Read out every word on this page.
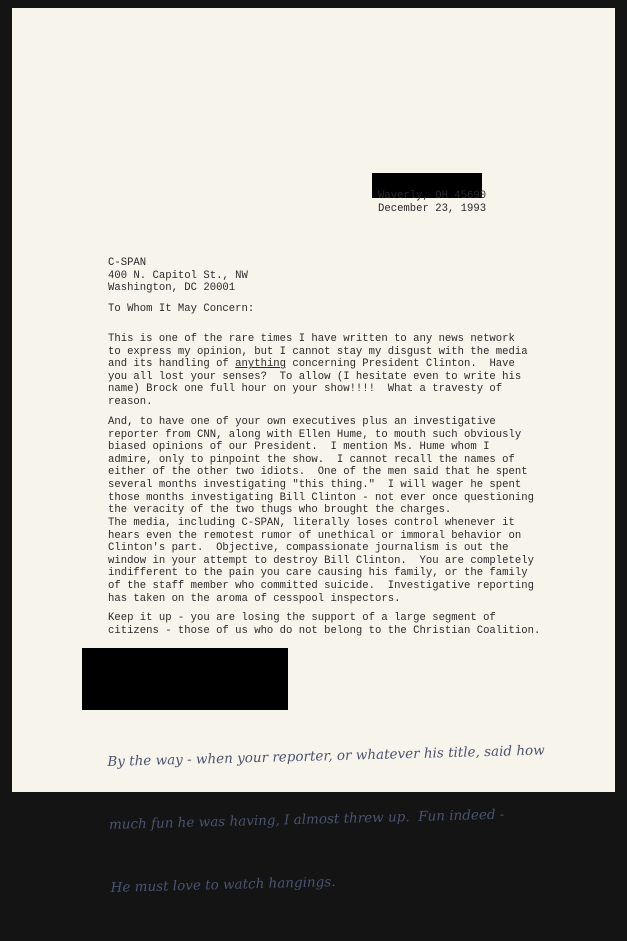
Waverly, OH 45690
December 23, 1993
C-SPAN
400 N. Capitol St., NW
Washington, DC 20001
To Whom It May Concern:
This is one of the rare times I have written to any news network
to express my opinion, but I cannot stay my disgust with the media
and its handling of anything concerning President Clinton.  Have
you all lost your senses?  To allow (I hesitate even to write his
name) Brock one full hour on your show!!!!  What a travesty of
reason.
And, to have one of your own executives plus an investigative
reporter from CNN, along with Ellen Hume, to mouth such obviously
biased opinions of our President.  I mention Ms. Hume whom I
admire, only to pinpoint the show.  I cannot recall the names of
either of the other two idiots.  One of the men said that he spent
several months investigating "this thing."  I will wager he spent
those months investigating Bill Clinton - not ever once questioning
the veracity of the two thugs who brought the charges.
The media, including C-SPAN, literally loses control whenever it
hears even the remotest rumor of unethical or immoral behavior on
Clinton's part.  Objective, compassionate journalism is out the
window in your attempt to destroy Bill Clinton.  You are completely
indifferent to the pain you care causing his family, or the family
of the staff member who committed suicide.  Investigative reporting
has taken on the aroma of cesspool inspectors.
Keep it up - you are losing the support of a large segment of
citizens - those of us who do not belong to the Christian Coalition.

By the way - when your reporter, or whatever his title, said how

much fun he was having, I almost threw up.  Fun indeed -

He must love to watch hangings.
